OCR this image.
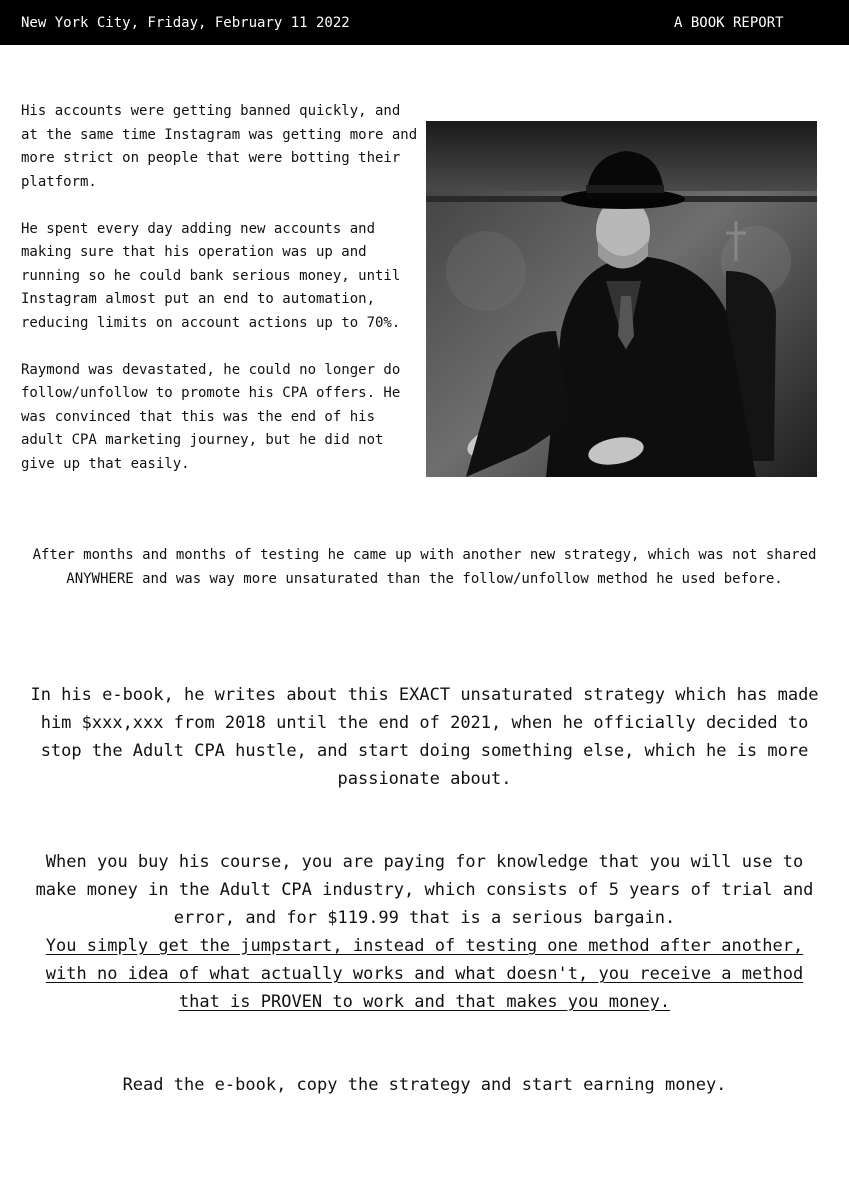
New York City, Friday, February 11 2022	A BOOK REPORT

His accounts were getting banned quickly, and at the same time Instagram was getting more and more strict on people that were botting their platform.

He spent every day adding new accounts and making sure that his operation was up and running so he could bank serious money, until Instagram almost put an end to automation, reducing limits on account actions up to 70%.

Raymond was devastated, he could no longer do follow/unfollow to promote his CPA offers. He was convinced that this was the end of his adult CPA marketing journey, but he did not give up that easily.

After months and months of testing he came up with another new strategy, which was not shared ANYWHERE and was way more unsaturated than the follow/unfollow method he used before.

In his e-book, he writes about this EXACT unsaturated strategy which has made him $xxx,xxx from 2018 until the end of 2021, when he officially decided to stop the Adult CPA hustle, and start doing something else, which he is more passionate about.

When you buy his course, you are paying for knowledge that you will use to make money in the Adult CPA industry, which consists of 5 years of trial and error, and for $119.99 that is a serious bargain.
You simply get the jumpstart, instead of testing one method after another, with no idea of what actually works and what doesn't, you receive a method that is PROVEN to work and that makes you money.

Read the e-book, copy the strategy and start earning money.
